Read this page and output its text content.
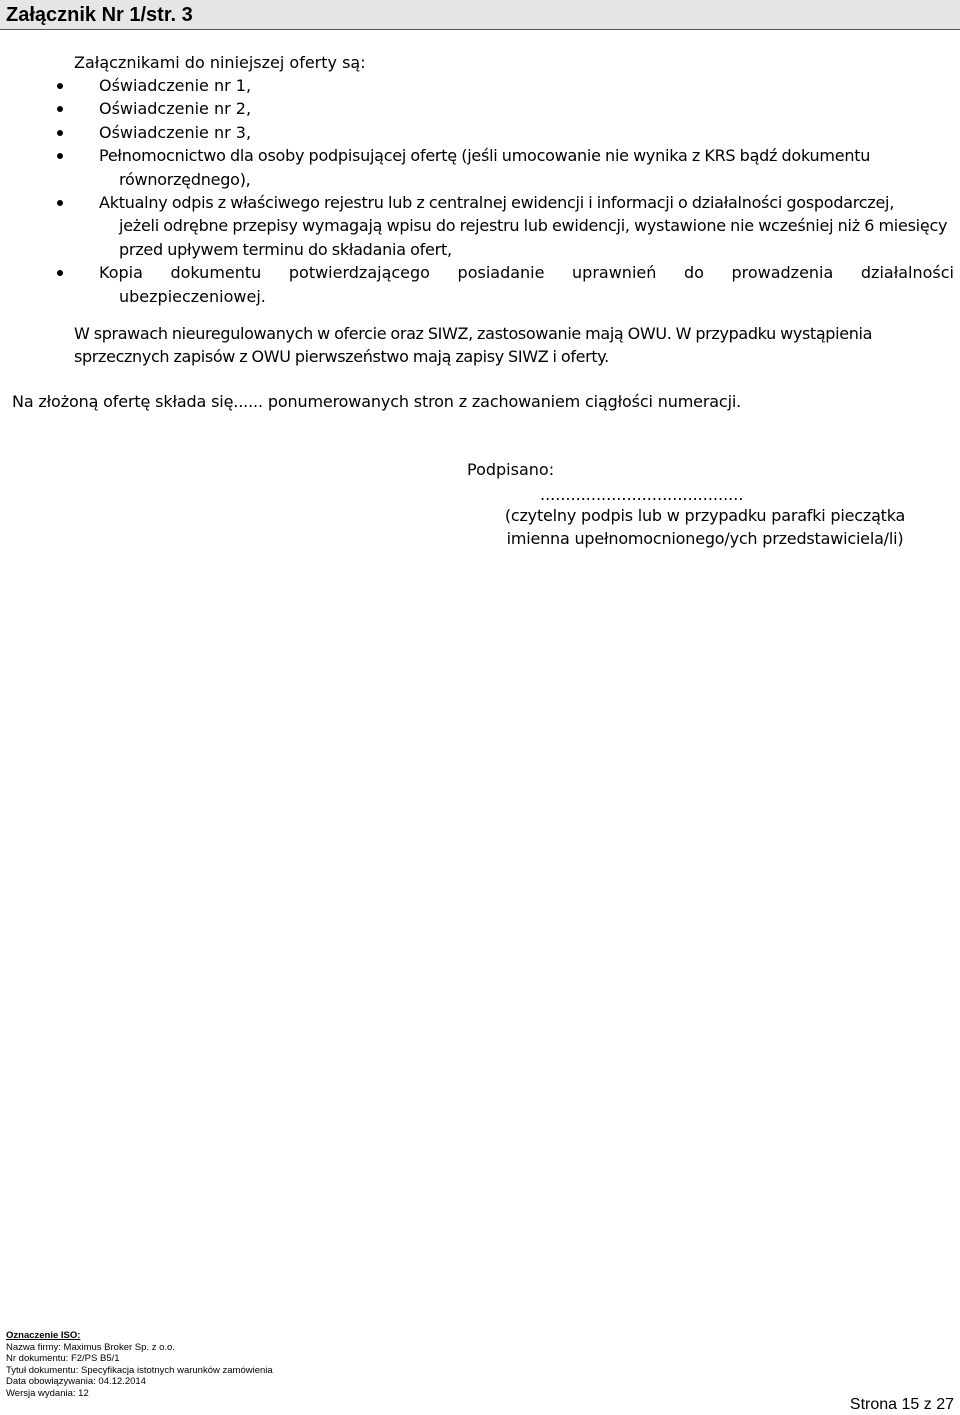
Załącznik Nr 1/str. 3
Załącznikami do niniejszej oferty są:
Oświadczenie nr 1,
Oświadczenie nr 2,
Oświadczenie nr 3,
Pełnomocnictwo dla osoby podpisującej ofertę (jeśli umocowanie nie wynika z KRS bądź dokumentu
równorzędnego),
Aktualny odpis z właściwego rejestru lub z centralnej ewidencji i informacji o działalności gospodarczej,
jeżeli odrębne przepisy wymagają wpisu do rejestru lub ewidencji, wystawione nie wcześniej niż 6 miesięcy przed upływem terminu do składania ofert,
Kopia dokumentu potwierdzającego posiadanie uprawnień do prowadzenia działalności
ubezpieczeniowej.
W sprawach nieuregulowanych w ofercie oraz SIWZ, zastosowanie mają OWU. W przypadku wystąpienia sprzecznych zapisów z OWU pierwszeństwo mają zapisy SIWZ i oferty.
Na złożoną ofertę składa się...... ponumerowanych stron z zachowaniem ciągłości numeracji.
Podpisano:
........................................
(czytelny podpis lub w przypadku parafki pieczątka imienna upełnomocnionego/ych przedstawiciela/li)
Oznaczenie ISO:
Nazwa firmy: Maximus Broker Sp. z o.o.
Nr dokumentu: F2/PS B5/1
Tytuł dokumentu: Specyfikacja istotnych warunków zamówienia
Data obowiązywania: 04.12.2014
Wersja wydania: 12
Strona 15 z 27
